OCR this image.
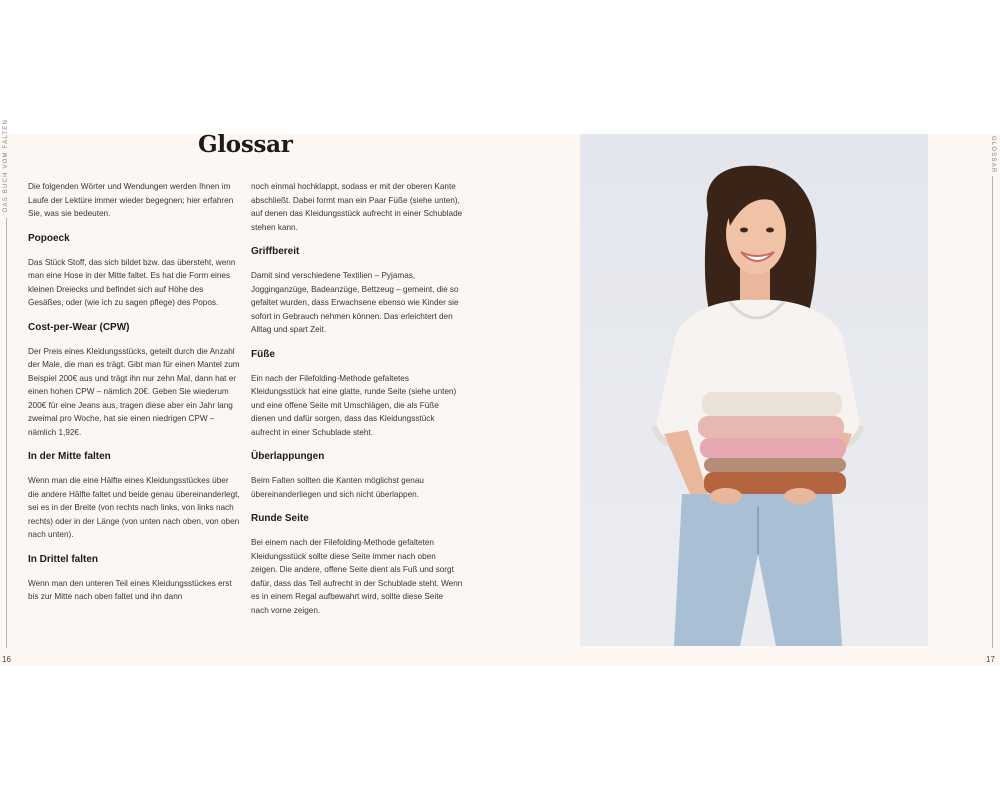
DAS BUCH VOM FALTEN	GLOSSAR
16	17
Glossar

Die folgenden Wörter und Wendungen werden Ihnen im Laufe der Lektüre immer wieder begegnen; hier erfahren Sie, was sie bedeuten.

Popoeck

Das Stück Stoff, das sich bildet bzw. das übersteht, wenn man eine Hose in der Mitte faltet. Es hat die Form eines kleinen Dreiecks und befindet sich auf Höhe des Gesäßes, oder (wie ich zu sagen pflege) des Popos.

Cost-per-Wear (CPW)

Der Preis eines Kleidungsstücks, geteilt durch die Anzahl der Male, die man es trägt. Gibt man für einen Mantel zum Beispiel 200€ aus und trägt ihn nur zehn Mal, dann hat er einen hohen CPW – nämlich 20€. Geben Sie wiederum 200€ für eine Jeans aus, tragen diese aber ein Jahr lang zweimal pro Woche, hat sie einen niedrigen CPW – nämlich 1,92€.

In der Mitte falten

Wenn man die eine Hälfte eines Kleidungsstückes über die andere Hälfte faltet und beide genau übereinanderlegt, sei es in der Breite (von rechts nach links, von links nach rechts) oder in der Länge (von unten nach oben, von oben nach unten).

In Drittel falten

Wenn man den unteren Teil eines Kleidungsstückes erst bis zur Mitte nach oben faltet und ihn dann

noch einmal hochklappt, sodass er mit der oberen Kante abschließt. Dabei formt man ein Paar Füße (siehe unten), auf denen das Kleidungsstück aufrecht in einer Schublade stehen kann.

Griffbereit

Damit sind verschiedene Textilien – Pyjamas, Jogginganzüge, Badeanzüge, Bettzeug – gemeint, die so gefaltet wurden, dass Erwachsene ebenso wie Kinder sie sofort in Gebrauch nehmen können. Das erleichtert den Alltag und spart Zeit.

Füße

Ein nach der Filefolding-Methode gefaltetes Kleidungsstück hat eine glatte, runde Seite (siehe unten) und eine offene Seite mit Umschlägen, die als Füße dienen und dafür sorgen, dass das Kleidungsstück aufrecht in einer Schublade steht.

Überlappungen

Beim Falten sollten die Kanten möglichst genau übereinanderliegen und sich nicht überlappen.

Runde Seite

Bei einem nach der Filefolding-Methode gefalteten Kleidungsstück sollte diese Seite immer nach oben zeigen. Die andere, offene Seite dient als Fuß und sorgt dafür, dass das Teil aufrecht in der Schublade steht. Wenn es in einem Regal aufbewahrt wird, sollte diese Seite nach vorne zeigen.
